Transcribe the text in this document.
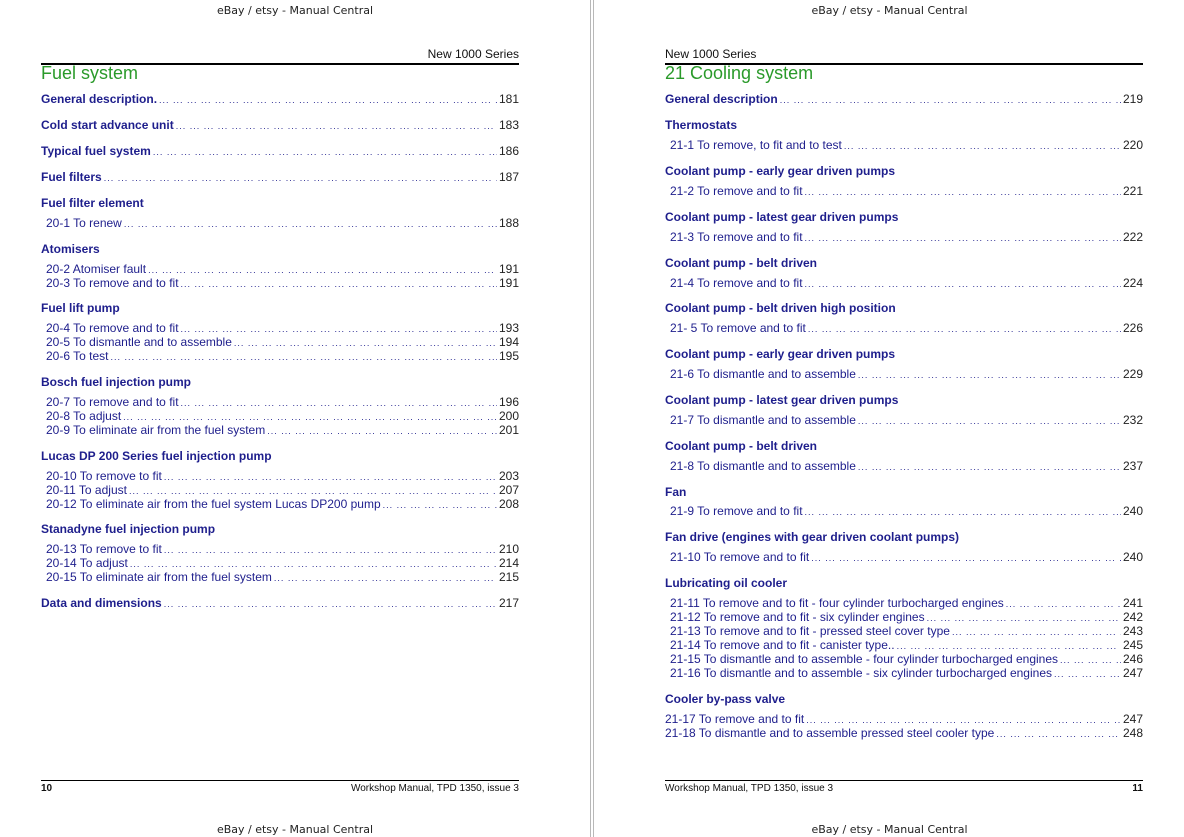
eBay / etsy - Manual Central
New 1000 Series
Fuel system
General description. ... .	181
Cold start advance unit ... .	183
Typical fuel system ... .	186
Fuel filters ... .	187
Fuel filter element
20-1 To renew ... .	188
Atomisers
20-2 Atomiser fault ... .	191
20-3 To remove and to fit ... .	191
Fuel lift pump
20-4 To remove and to fit ... .	193
20-5 To dismantle and to assemble ... .	194
20-6 To test ... .	195
Bosch fuel injection pump
20-7 To remove and to fit ... .	196
20-8 To adjust ... .	200
20-9 To eliminate air from the fuel system ... .	201
Lucas DP 200 Series fuel injection pump
20-10 To remove to fit ... .	203
20-11 To adjust ... .	207
20-12 To eliminate air from the fuel system Lucas DP200 pump ... .	208
Stanadyne fuel injection pump
20-13 To remove to fit ... .	210
20-14 To adjust ... .	214
20-15 To eliminate air from the fuel system ... .	215
Data and dimensions ... .	217
10	Workshop Manual, TPD 1350, issue 3
eBay / etsy - Manual Central
eBay / etsy - Manual Central
New 1000 Series
21 Cooling system
General description ... .	219
Thermostats
21-1 To remove, to fit and to test ... .	220
Coolant pump - early gear driven pumps
21-2 To remove and to fit ... .	221
Coolant pump - latest gear driven pumps
21-3 To remove and to fit ... .	222
Coolant pump - belt driven
21-4 To remove and to fit ... .	224
Coolant pump - belt driven high position
21- 5 To remove and to fit ... .	226
Coolant pump - early gear driven pumps
21-6 To dismantle and to assemble ... .	229
Coolant pump - latest gear driven pumps
21-7 To dismantle and to assemble ... .	232
Coolant pump - belt driven
21-8 To dismantle and to assemble ... .	237
Fan
21-9 To remove and to fit ... .	240
Fan drive (engines with gear driven coolant pumps)
21-10 To remove and to fit ... .	240
Lubricating oil cooler
21-11 To remove and to fit - four cylinder turbocharged engines ... .	241
21-12 To remove and to fit - six cylinder engines ... .	242
21-13 To remove and to fit - pressed steel cover type ... .	243
21-14 To remove and to fit - canister type.. ... .	245
21-15 To dismantle and to assemble - four cylinder turbocharged engines ... .	246
21-16 To dismantle and to assemble - six cylinder turbocharged engines ... .	247
Cooler by-pass valve
21-17 To remove and to fit ... .	247
21-18 To dismantle and to assemble pressed steel cooler type ... .	248
Workshop Manual, TPD 1350, issue 3	11
eBay / etsy - Manual Central
